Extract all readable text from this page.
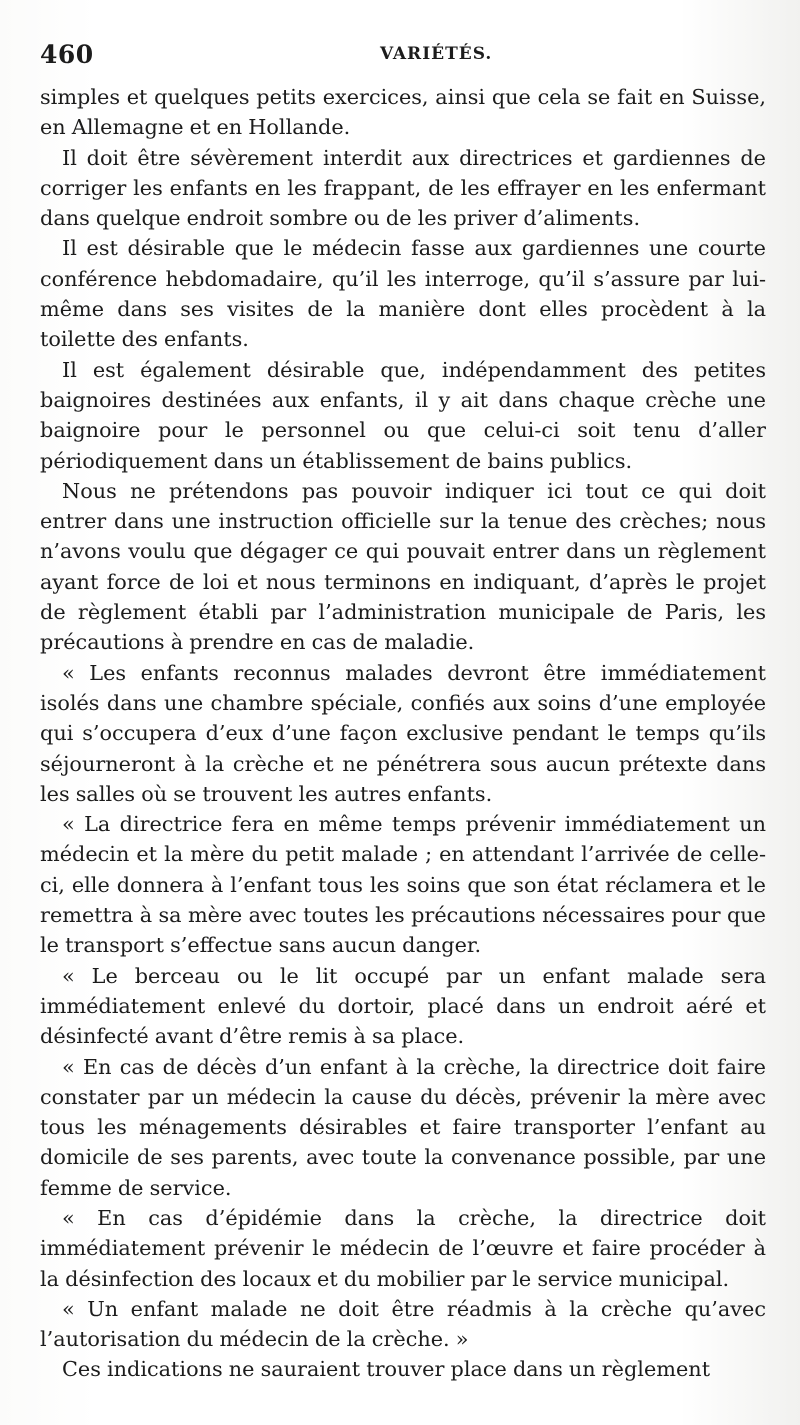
460	VARIÉTÉS.

simples et quelques petits exercices, ainsi que cela se fait en Suisse, en Allemagne et en Hollande.

Il doit être sévèrement interdit aux directrices et gardiennes de corriger les enfants en les frappant, de les effrayer en les enfermant dans quelque endroit sombre ou de les priver d’aliments.

Il est désirable que le médecin fasse aux gardiennes une courte conférence hebdomadaire, qu’il les interroge, qu’il s’assure par lui-même dans ses visites de la manière dont elles procèdent à la toilette des enfants.

Il est également désirable que, indépendamment des petites baignoires destinées aux enfants, il y ait dans chaque crèche une baignoire pour le personnel ou que celui-ci soit tenu d’aller périodiquement dans un établissement de bains publics.

Nous ne prétendons pas pouvoir indiquer ici tout ce qui doit entrer dans une instruction officielle sur la tenue des crèches; nous n’avons voulu que dégager ce qui pouvait entrer dans un règlement ayant force de loi et nous terminons en indiquant, d’après le projet de règlement établi par l’administration municipale de Paris, les précautions à prendre en cas de maladie.

« Les enfants reconnus malades devront être immédiatement isolés dans une chambre spéciale, confiés aux soins d’une employée qui s’occupera d’eux d’une façon exclusive pendant le temps qu’ils séjourneront à la crèche et ne pénétrera sous aucun prétexte dans les salles où se trouvent les autres enfants.

« La directrice fera en même temps prévenir immédiatement un médecin et la mère du petit malade ; en attendant l’arrivée de celle-ci, elle donnera à l’enfant tous les soins que son état réclamera et le remettra à sa mère avec toutes les précautions nécessaires pour que le transport s’effectue sans aucun danger.

« Le berceau ou le lit occupé par un enfant malade sera immédiatement enlevé du dortoir, placé dans un endroit aéré et désinfecté avant d’être remis à sa place.

« En cas de décès d’un enfant à la crèche, la directrice doit faire constater par un médecin la cause du décès, prévenir la mère avec tous les ménagements désirables et faire transporter l’enfant au domicile de ses parents, avec toute la convenance possible, par une femme de service.

« En cas d’épidémie dans la crèche, la directrice doit immédiatement prévenir le médecin de l’œuvre et faire procéder à la désinfection des locaux et du mobilier par le service municipal.

« Un enfant malade ne doit être réadmis à la crèche qu’avec l’autorisation du médecin de la crèche. »

Ces indications ne sauraient trouver place dans un règlement
